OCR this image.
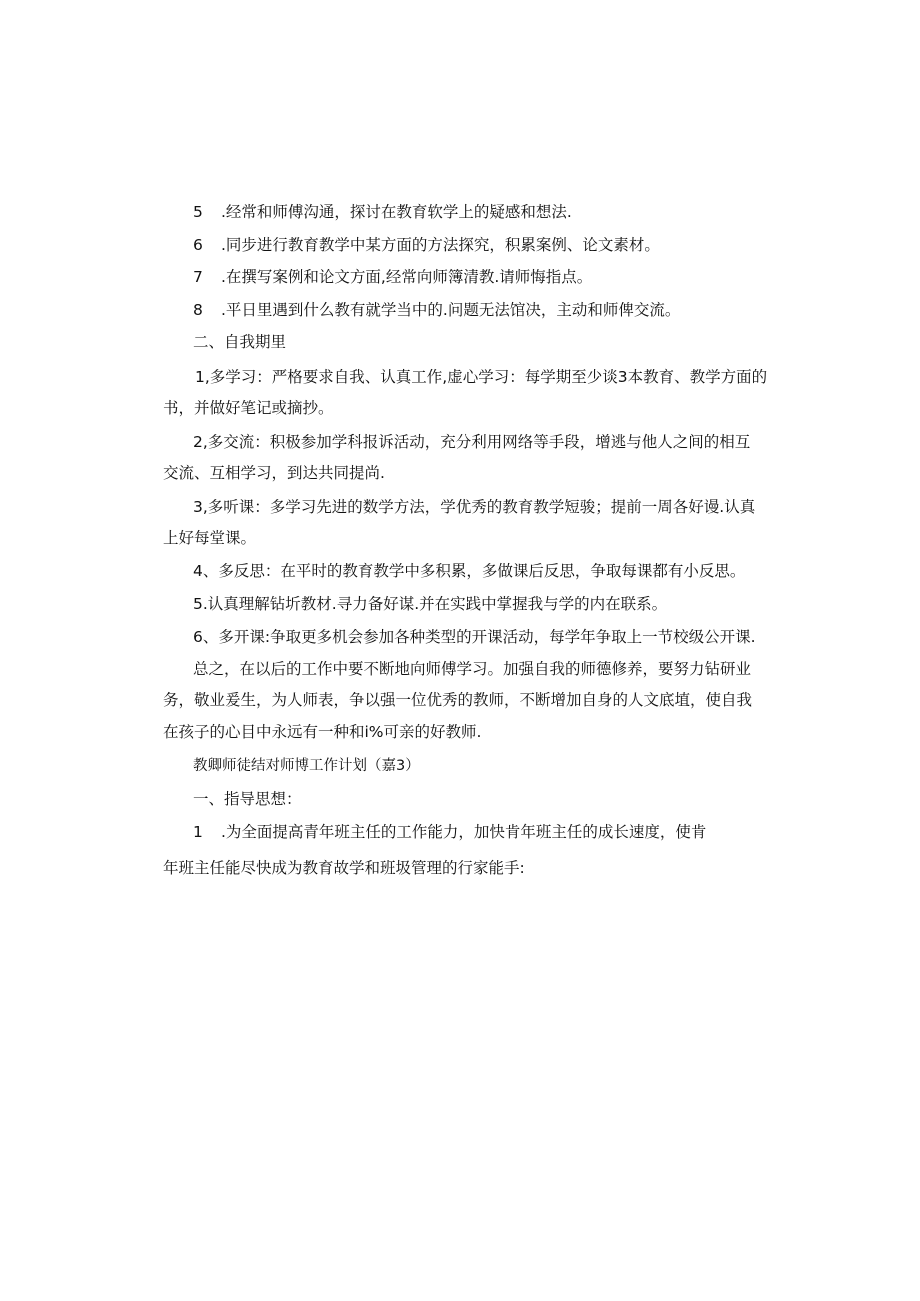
5 .经常和师傅沟通，探讨在教育软学上的疑感和想法.
6 .同步进行教育教学中某方面的方法探究，积累案例、论文素材。
7 .在撰写案例和论文方面,经常向师簿清教.请师悔指点。
8 .平日里遇到什么教有就学当中的.问题无法馆决，主动和师俾交流。
二、自我期里
1,多学习：严格要求自我、认真工作,虚心学习：每学期至少谈3本教育、教学方面的
书，并做好笔记或摘抄。
2,多交流：积极参加学科报诉活动，充分利用网络等手段，增逃与他人之间的相互
交流、互相学习，到达共同提尚.
3,多听课：多学习先进的数学方法，学优秀的教育教学短骏；提前一周各好谩.认真
上好每堂课。
4、多反思：在平时的教育教学中多积累，多做课后反思，争取每课都有小反思。
5.认真理解钻圻教材.寻力备好谋.并在实践中掌握我与学的内在联系。
6、多开课:争取更多机会参加各种类型的开课活动，每学年争取上一节校级公开课.
总之，在以后的工作中要不断地向师傅学习。加强自我的师德修养，要努力钻研业
务，敬业爰生，为人师表，争以强一位优秀的教师，不断增加自身的人文底埴，使自我
在孩子的心目中永远有一种和i%可亲的好教师.
教卿师徒结对师博工作计划（嘉3）
一、指导思想：
1 .为全面提高青年班主任的工作能力，加快肯年班主任的成长速度，使肯
年班主任能尽快成为教育故学和班圾管理的行家能手:
